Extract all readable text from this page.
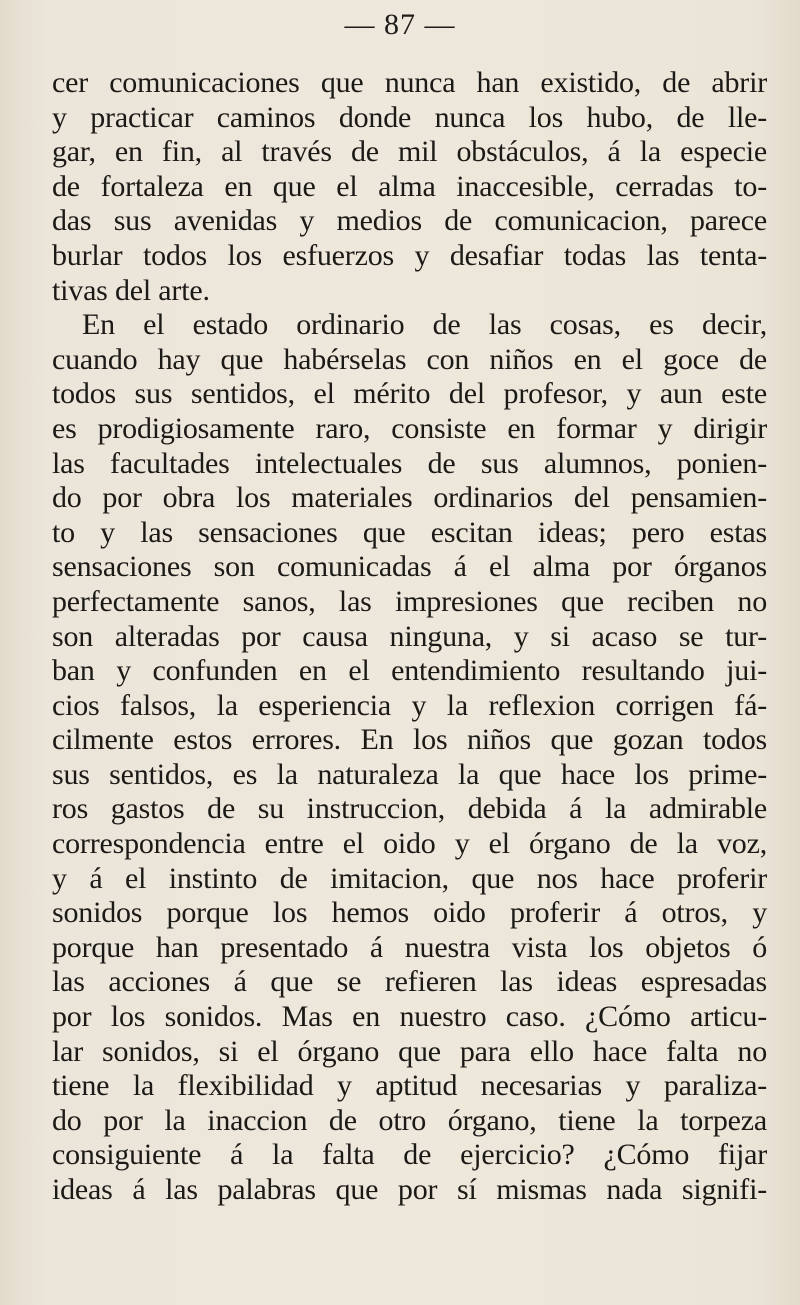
— 87 —
cer comunicaciones que nunca han existido, de abrir
y practicar caminos donde nunca los hubo, de lle-
gar, en fin, al través de mil obstáculos, á la especie
de fortaleza en que el alma inaccesible, cerradas to-
das sus avenidas y medios de comunicacion, parece
burlar todos los esfuerzos y desafiar todas las tenta-
tivas del arte.
En el estado ordinario de las cosas, es decir,
cuando hay que habérselas con niños en el goce de
todos sus sentidos, el mérito del profesor, y aun este
es prodigiosamente raro, consiste en formar y dirigir
las facultades intelectuales de sus alumnos, ponien-
do por obra los materiales ordinarios del pensamien-
to y las sensaciones que escitan ideas; pero estas
sensaciones son comunicadas á el alma por órganos
perfectamente sanos, las impresiones que reciben no
son alteradas por causa ninguna, y si acaso se tur-
ban y confunden en el entendimiento resultando jui-
cios falsos, la esperiencia y la reflexion corrigen fá-
cilmente estos errores. En los niños que gozan todos
sus sentidos, es la naturaleza la que hace los prime-
ros gastos de su instruccion, debida á la admirable
correspondencia entre el oido y el órgano de la voz,
y á el instinto de imitacion, que nos hace proferir
sonidos porque los hemos oido proferir á otros, y
porque han presentado á nuestra vista los objetos ó
las acciones á que se refieren las ideas espresadas
por los sonidos. Mas en nuestro caso. ¿Cómo articu-
lar sonidos, si el órgano que para ello hace falta no
tiene la flexibilidad y aptitud necesarias y paraliza-
do por la inaccion de otro órgano, tiene la torpeza
consiguiente á la falta de ejercicio? ¿Cómo fijar
ideas á las palabras que por sí mismas nada signifi-
